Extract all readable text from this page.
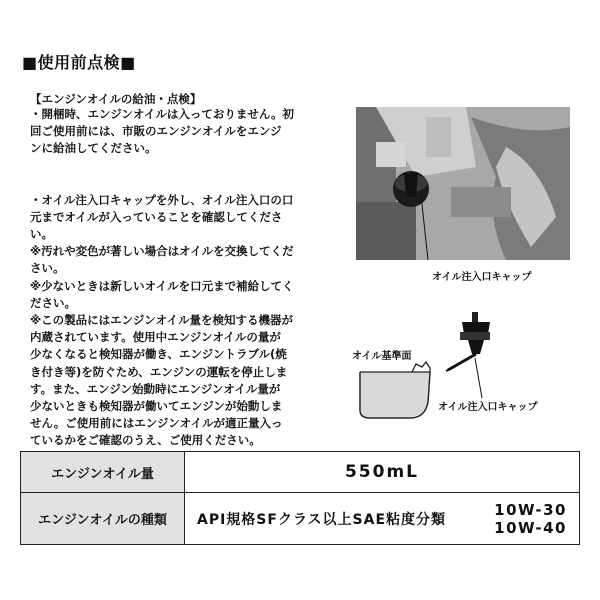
■使用前点検■
【エンジンオイルの給油・点検】

・開梱時、エンジンオイルは入っておりません。初

回ご使用前には、市販のエンジンオイルをエンジ

ンに給油してください。

・オイル注入口キャップを外し、オイル注入口の口

元までオイルが入っていることを確認してくださ

い。

※汚れや変色が著しい場合はオイルを交換してくだ

さい。

※少ないときは新しいオイルを口元まで補給してく

ださい。

※この製品にはエンジンオイル量を検知する機器が

内蔵されています。使用中エンジンオイルの量が

少なくなると検知器が働き、エンジントラブル(焼

き付き等)を防ぐため、エンジンの運転を停止しま

す。また、エンジン始動時にエンジンオイル量が

少ないときも検知器が働いてエンジンが始動しま

せん。ご使用前にはエンジンオイルが適正量入っ

ているかをご確認のうえ、ご使用ください。

オイル注入口キャップ
オイル基準面
オイル注入口キャップ
エンジンオイル量	550mL
エンジンオイルの種類	API規格SFクラス以上SAE粘度分類
10W-30
10W-40
